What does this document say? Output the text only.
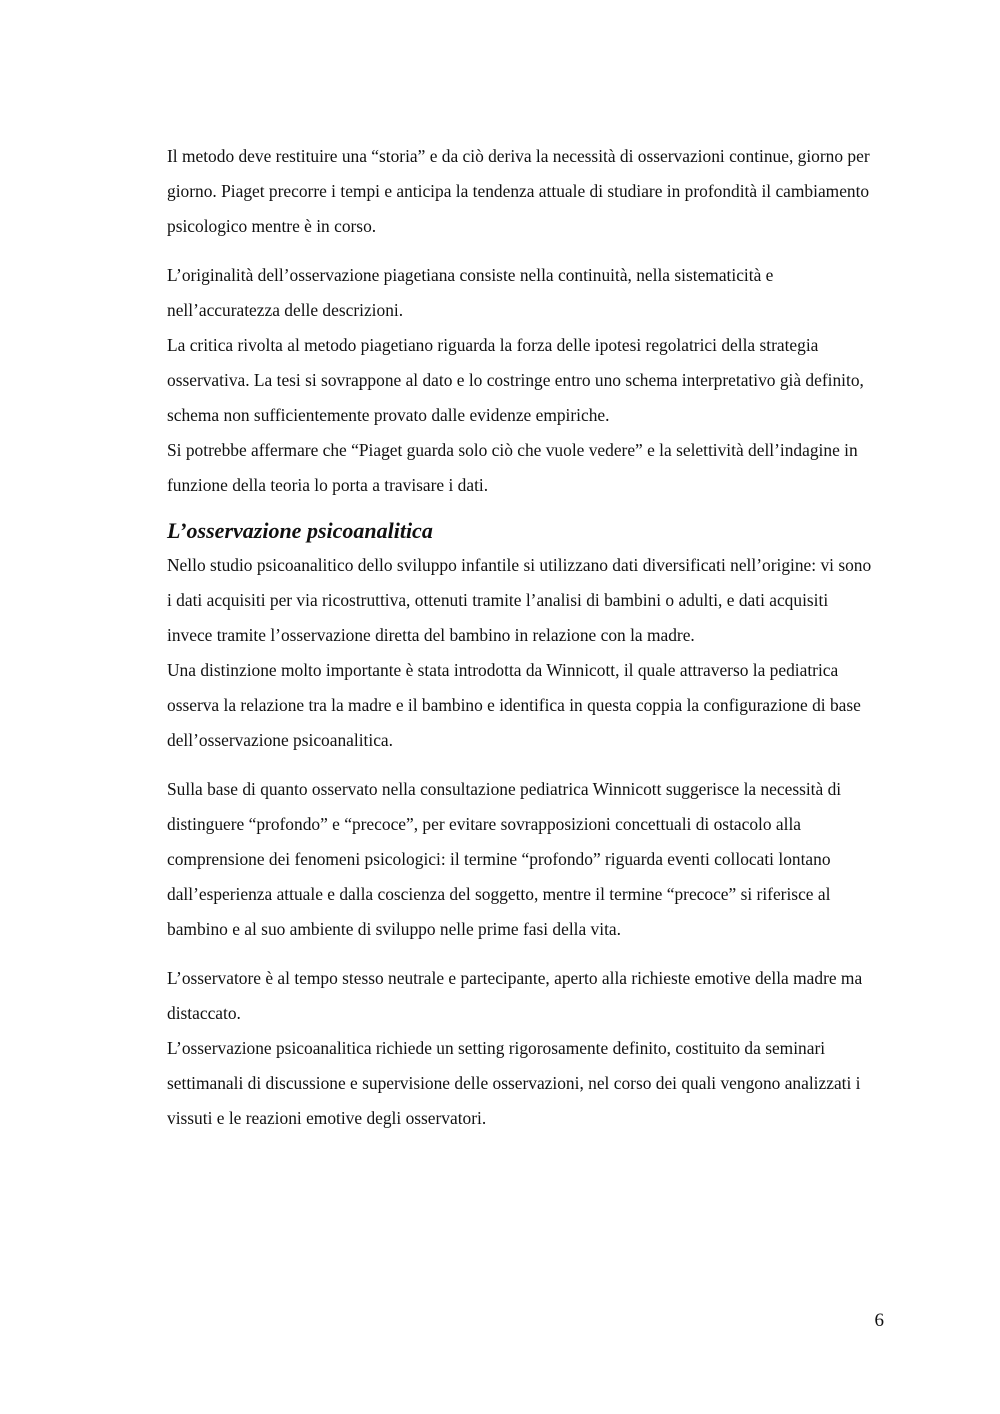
Il metodo deve restituire una “storia” e da ciò deriva la necessità di osservazioni continue, giorno per giorno. Piaget precorre i tempi e anticipa la tendenza attuale di studiare in profondità il cambiamento psicologico mentre è in corso.

L’originalità dell’osservazione piagetiana consiste nella continuità, nella sistematicità e nell’accuratezza delle descrizioni.

La critica rivolta al metodo piagetiano riguarda la forza delle ipotesi regolatrici della strategia osservativa. La tesi si sovrappone al dato e lo costringe entro uno schema interpretativo già definito, schema non sufficientemente provato dalle evidenze empiriche.

Si potrebbe affermare che “Piaget guarda solo ciò che vuole vedere” e la selettività dell’indagine in funzione della teoria lo porta a travisare i dati.

L’osservazione psicoanalitica

Nello studio psicoanalitico dello sviluppo infantile si utilizzano dati diversificati nell’origine: vi sono i dati acquisiti per via ricostruttiva, ottenuti tramite l’analisi di bambini o adulti, e dati acquisiti invece tramite l’osservazione diretta del bambino in relazione con la madre.

Una distinzione molto importante è stata introdotta da Winnicott, il quale attraverso la pediatrica osserva la relazione tra la madre e il bambino e identifica in questa coppia la configurazione di base dell’osservazione psicoanalitica.

Sulla base di quanto osservato nella consultazione pediatrica Winnicott suggerisce la necessità di distinguere “profondo” e “precoce”, per evitare sovrapposizioni concettuali di ostacolo alla comprensione dei fenomeni psicologici: il termine “profondo” riguarda eventi collocati lontano dall’esperienza attuale e dalla coscienza del soggetto, mentre il termine “precoce” si riferisce al bambino e al suo ambiente di sviluppo nelle prime fasi della vita.

L’osservatore è al tempo stesso neutrale e partecipante, aperto alla richieste emotive della madre ma distaccato.

L’osservazione psicoanalitica richiede un setting rigorosamente definito, costituito da seminari settimanali di discussione e supervisione delle osservazioni, nel corso dei quali vengono analizzati i vissuti e le reazioni emotive degli osservatori.

6
